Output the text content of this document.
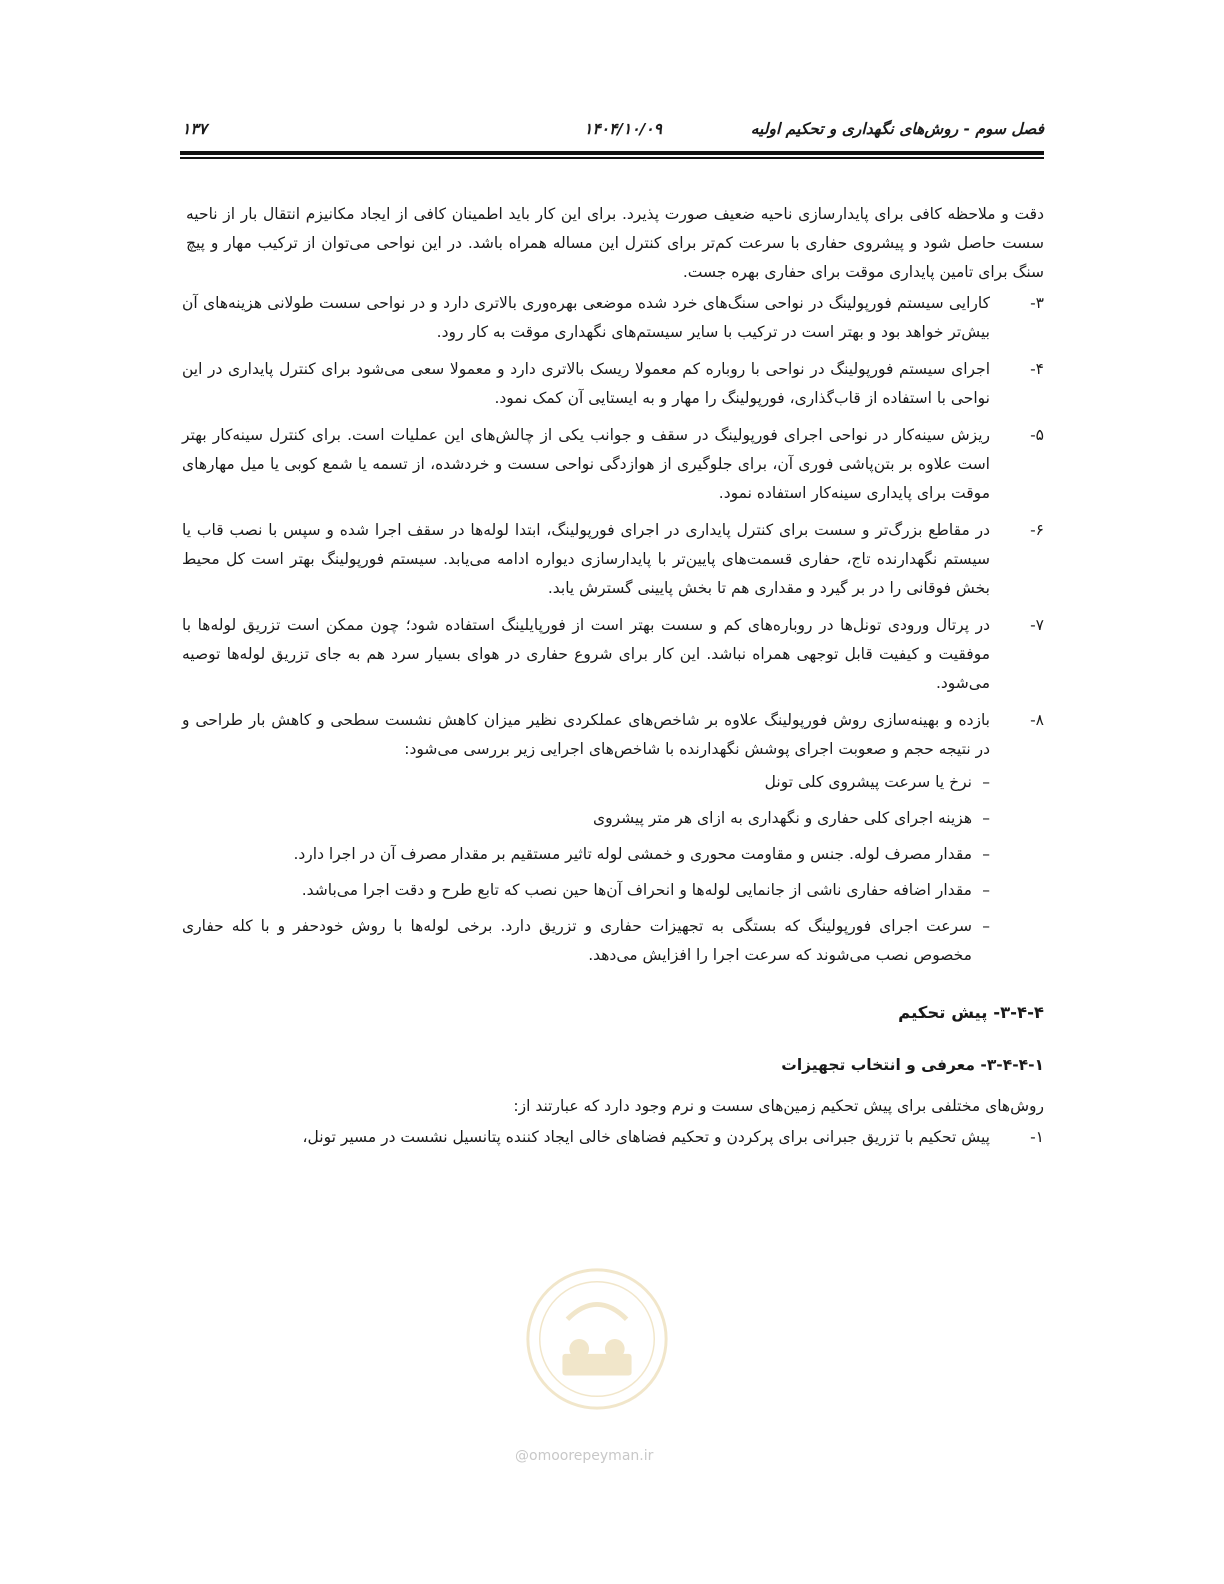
فصل سوم - روش‌های نگهداری و تحکیم اولیه
۱۴۰۴/۱۰/۰۹
۱۳۷

دقت و ملاحظه کافی برای پایدارسازی ناحیه ضعیف صورت پذیرد. برای این کار باید اطمینان کافی از ایجاد مکانیزم انتقال بار از ناحیه سست حاصل شود و پیشروی حفاری با سرعت کم‌تر برای کنترل این مساله همراه باشد. در این نواحی می‌توان از ترکیب مهار و پیچ سنگ برای تامین پایداری موقت برای حفاری بهره جست.

۳-
کارایی سیستم فورپولینگ در نواحی سنگ‌های خرد شده موضعی بهره‌وری بالاتری دارد و در نواحی سست طولانی هزینه‌های آن بیش‌تر خواهد بود و بهتر است در ترکیب با سایر سیستم‌های نگهداری موقت به کار رود.
۴-
اجرای سیستم فورپولینگ در نواحی با روباره کم معمولا ریسک بالاتری دارد و معمولا سعی می‌شود برای کنترل پایداری در این نواحی با استفاده از قاب‌گذاری، فورپولینگ را مهار و به ایستایی آن کمک نمود.
۵-
ریزش سینه‌کار در نواحی اجرای فورپولینگ در سقف و جوانب یکی از چالش‌های این عملیات است. برای کنترل سینه‌کار بهتر است علاوه بر بتن‌پاشی فوری آن، برای جلوگیری از هوازدگی نواحی سست و خردشده، از تسمه یا شمع کوبی یا میل مهارهای موقت برای پایداری سینه‌کار استفاده نمود.
۶-
در مقاطع بزرگ‌تر و سست برای کنترل پایداری در اجرای فورپولینگ، ابتدا لوله‌ها در سقف اجرا شده و سپس با نصب قاب یا سیستم نگهدارنده تاج، حفاری قسمت‌های پایین‌تر با پایدارسازی دیواره ادامه می‌یابد. سیستم فورپولینگ بهتر است کل محیط بخش فوقانی را در بر گیرد و مقداری هم تا بخش پایینی گسترش یابد.
۷-
در پرتال ورودی تونل‌ها در روباره‌های کم و سست بهتر است از فورپایلینگ استفاده شود؛ چون ممکن است تزریق لوله‌ها با موفقیت و کیفیت قابل توجهی همراه نباشد. این کار برای شروع حفاری در هوای بسیار سرد هم به جای تزریق لوله‌ها توصیه می‌شود.
۸-
بازده و بهینه‌سازی روش فورپولینگ علاوه بر شاخص‌های عملکردی نظیر میزان کاهش نشست سطحی و کاهش بار طراحی و در نتیجه حجم و صعوبت اجرای پوشش نگهدارنده با شاخص‌های اجرایی زیر بررسی می‌شود:
–
نرخ یا سرعت پیشروی کلی تونل
–
هزینه اجرای کلی حفاری و نگهداری به ازای هر متر پیشروی
–
مقدار مصرف لوله. جنس و مقاومت محوری و خمشی لوله تاثیر مستقیم بر مقدار مصرف آن در اجرا دارد.
–
مقدار اضافه حفاری ناشی از جانمایی لوله‌ها و انحراف آن‌ها حین نصب که تابع طرح و دقت اجرا می‌باشد.
–
سرعت اجرای فورپولینگ که بستگی به تجهیزات حفاری و تزریق دارد. برخی لوله‌ها با روش خودحفر و با کله حفاری مخصوص نصب می‌شوند که سرعت اجرا را افزایش می‌دهد.
۳-۴-۴- پیش تحکیم
۳-۴-۴-۱- معرفی و انتخاب تجهیزات

روش‌های مختلفی برای پیش تحکیم زمین‌های سست و نرم وجود دارد که عبارتند از:

۱-
پیش تحکیم با تزریق جبرانی برای پرکردن و تحکیم فضاهای خالی ایجاد کننده پتانسیل نشست در مسیر تونل،
@omoorepeyman.ir
